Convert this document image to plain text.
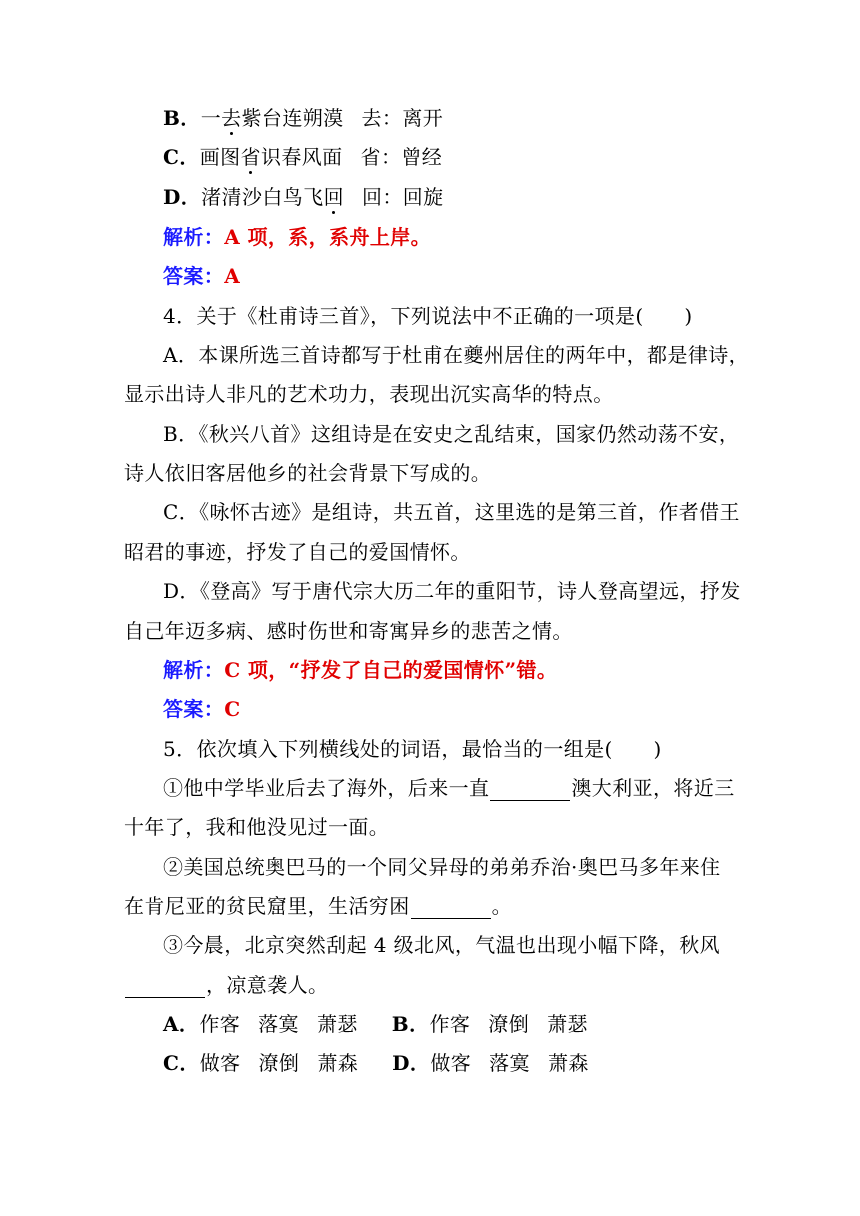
B．一去紫台连朔漠 去：离开
C．画图省识春风面 省：曾经
D．渚清沙白鸟飞回 回：回旋
解析：A 项，系，系舟上岸。
答案：A
4．关于《杜甫诗三首》，下列说法中不正确的一项是(　　)
A．本课所选三首诗都写于杜甫在夔州居住的两年中，都是律诗，
显示出诗人非凡的艺术功力，表现出沉实高华的特点。
B．《秋兴八首》这组诗是在安史之乱结束，国家仍然动荡不安，
诗人依旧客居他乡的社会背景下写成的。
C．《咏怀古迹》是组诗，共五首，这里选的是第三首，作者借王
昭君的事迹，抒发了自己的爱国情怀。
D．《登高》写于唐代宗大历二年的重阳节，诗人登高望远，抒发
自己年迈多病、感时伤世和寄寓异乡的悲苦之情。
解析：C 项，“抒发了自己的爱国情怀”错。
答案：C
5．依次填入下列横线处的词语，最恰当的一组是(　　)
①他中学毕业后去了海外，后来一直	澳大利亚，将近三
十年了，我和他没见过一面。
②美国总统奥巴马的一个同父异母的弟弟乔治·奥巴马多年来住
在肯尼亚的贫民窟里，生活穷困	。
③今晨，北京突然刮起 4 级北风，气温也出现小幅下降，秋风
，凉意袭人。
A．作客 落寞 萧瑟 B．作客 潦倒 萧瑟
C．做客 潦倒 萧森 D．做客 落寞 萧森
